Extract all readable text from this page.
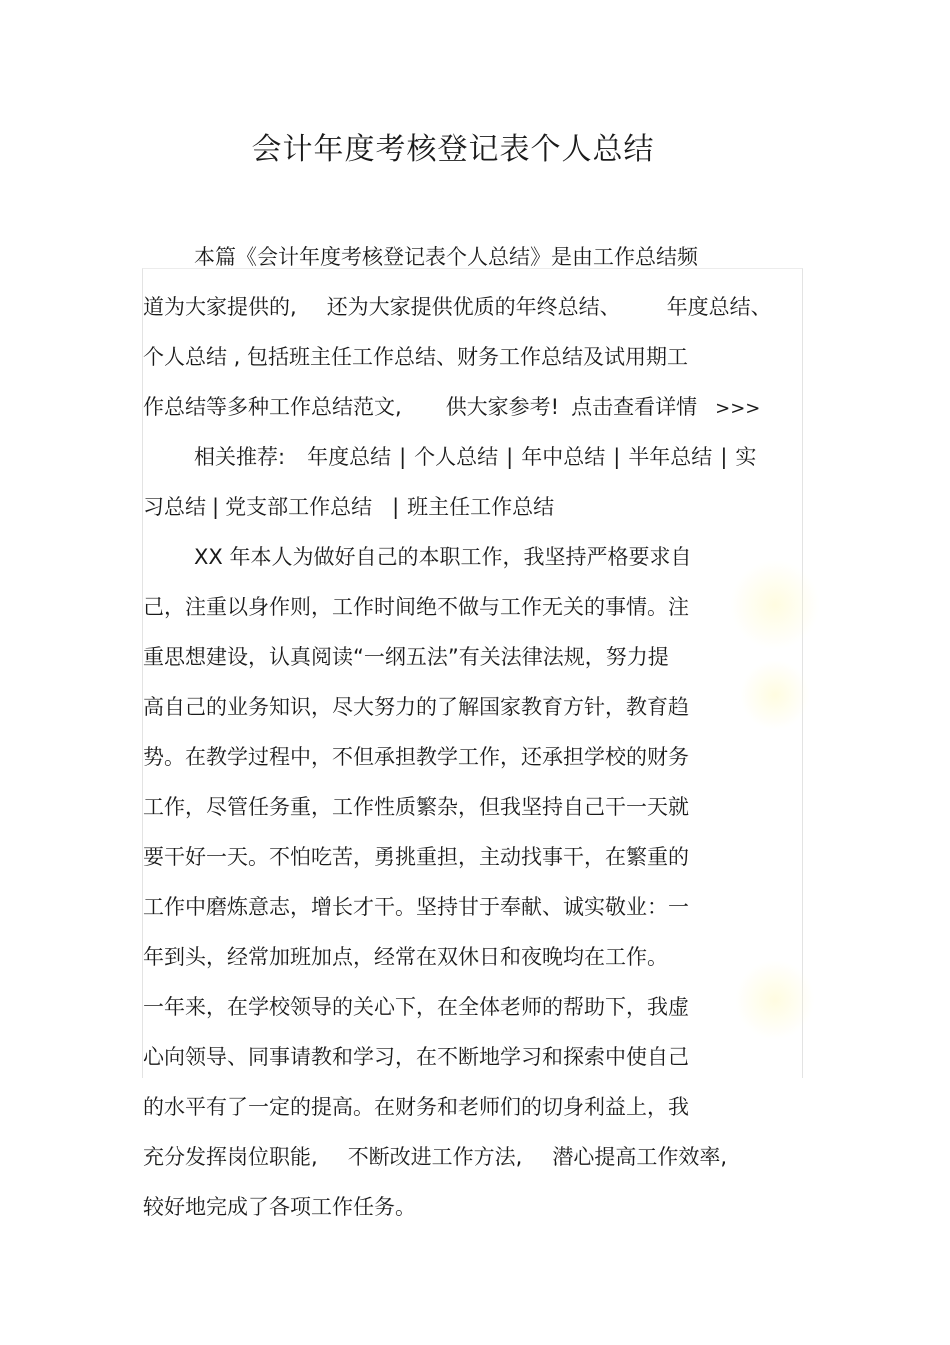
会计年度考核登记表个人总结

本篇《会计年度考核登记表个人总结》是由工作总结频

道为大家提供的, 还为大家提供优质的年终总结、 年度总结、

个人总结 , 包括班主任工作总结、财务工作总结及试用期工

作总结等多种工作总结范文, 供大家参考! 点击查看详情 >>>

相关推荐: 年度总结 | 个人总结 | 年中总结 | 半年总结 | 实

习总结 | 党支部工作总结 | 班主任工作总结

XX 年本人为做好自己的本职工作，我坚持严格要求自

己，注重以身作则，工作时间绝不做与工作无关的事情。注

重思想建设，认真阅读“一纲五法”有关法律法规，努力提

高自己的业务知识，尽大努力的了解国家教育方针，教育趋

势。在教学过程中，不但承担教学工作，还承担学校的财务

工作，尽管任务重，工作性质繁杂，但我坚持自己干一天就

要干好一天。不怕吃苦，勇挑重担，主动找事干，在繁重的

工作中磨炼意志，增长才干。坚持甘于奉献、诚实敬业：一

年到头，经常加班加点，经常在双休日和夜晚均在工作。

一年来，在学校领导的关心下，在全体老师的帮助下，我虚

心向领导、同事请教和学习，在不断地学习和探索中使自己

的水平有了一定的提高。在财务和老师们的切身利益上，我

充分发挥岗位职能, 不断改进工作方法, 潜心提高工作效率,

较好地完成了各项工作任务。
